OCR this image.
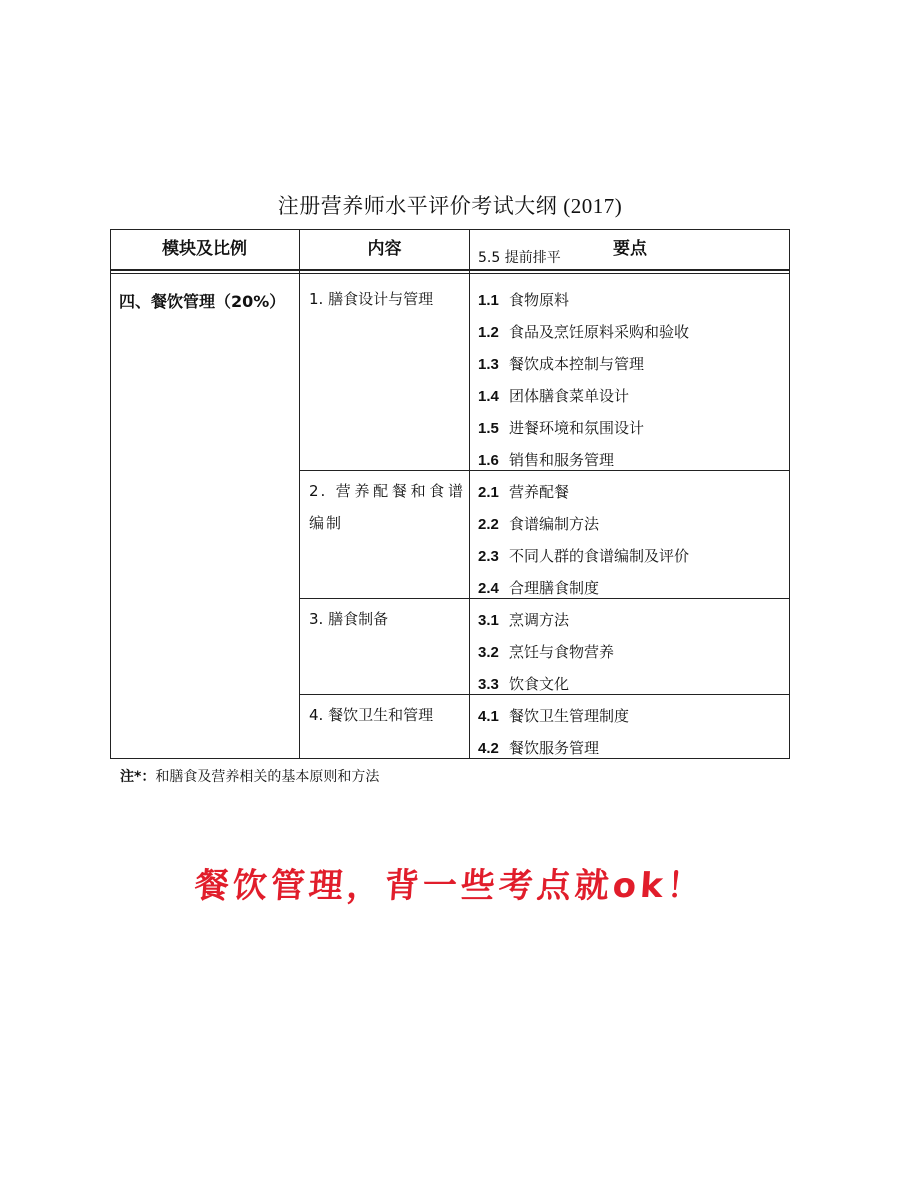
注册营养师水平评价考试大纲 (2017)
模块及比例	内容	要点
5.5 提前排平
四、餐饮管理（20%） 1. 膳食设计与管理
2. 营养配餐和食谱编制
3. 膳食制备
4. 餐饮卫生和管理
1.1 食物原料
1.2 食品及烹饪原料采购和验收
1.3 餐饮成本控制与管理
1.4 团体膳食菜单设计
1.5 进餐环境和氛围设计
1.6 销售和服务管理
2.1 营养配餐
2.2 食谱编制方法
2.3 不同人群的食谱编制及评价
2.4 合理膳食制度
3.1 烹调方法
3.2 烹饪与食物营养
3.3 饮食文化
4.1 餐饮卫生管理制度
4.2 餐饮服务管理
注*：和膳食及营养相关的基本原则和方法
餐饮管理，背一些考点就ok！
